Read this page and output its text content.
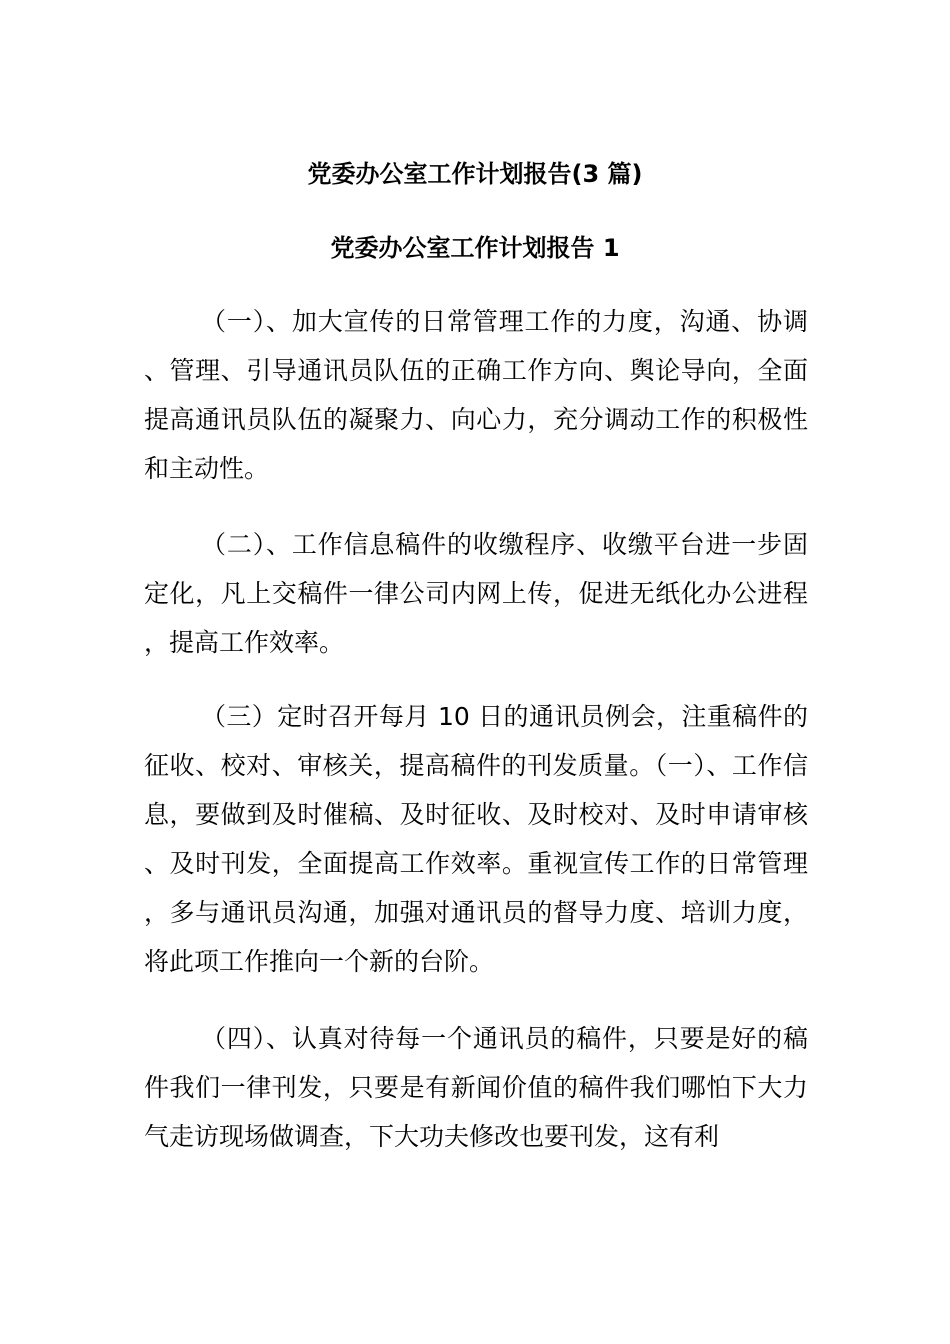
党委办公室工作计划报告(3 篇)
党委办公室工作计划报告 1

（一）、加大宣传的日常管理工作的力度，沟通、协调、管理、引导通讯员队伍的正确工作方向、舆论导向，全面提高通讯员队伍的凝聚力、向心力，充分调动工作的积极性和主动性。

（二）、工作信息稿件的收缴程序、收缴平台进一步固定化，凡上交稿件一律公司内网上传，促进无纸化办公进程，提高工作效率。

（三）定时召开每月 10 日的通讯员例会，注重稿件的征收、校对、审核关，提高稿件的刊发质量。（一）、工作信息，要做到及时催稿、及时征收、及时校对、及时申请审核、及时刊发，全面提高工作效率。重视宣传工作的日常管理，多与通讯员沟通，加强对通讯员的督导力度、培训力度，将此项工作推向一个新的台阶。

（四）、认真对待每一个通讯员的稿件，只要是好的稿件我们一律刊发，只要是有新闻价值的稿件我们哪怕下大力气走访现场做调查，下大功夫修改也要刊发，这有利
